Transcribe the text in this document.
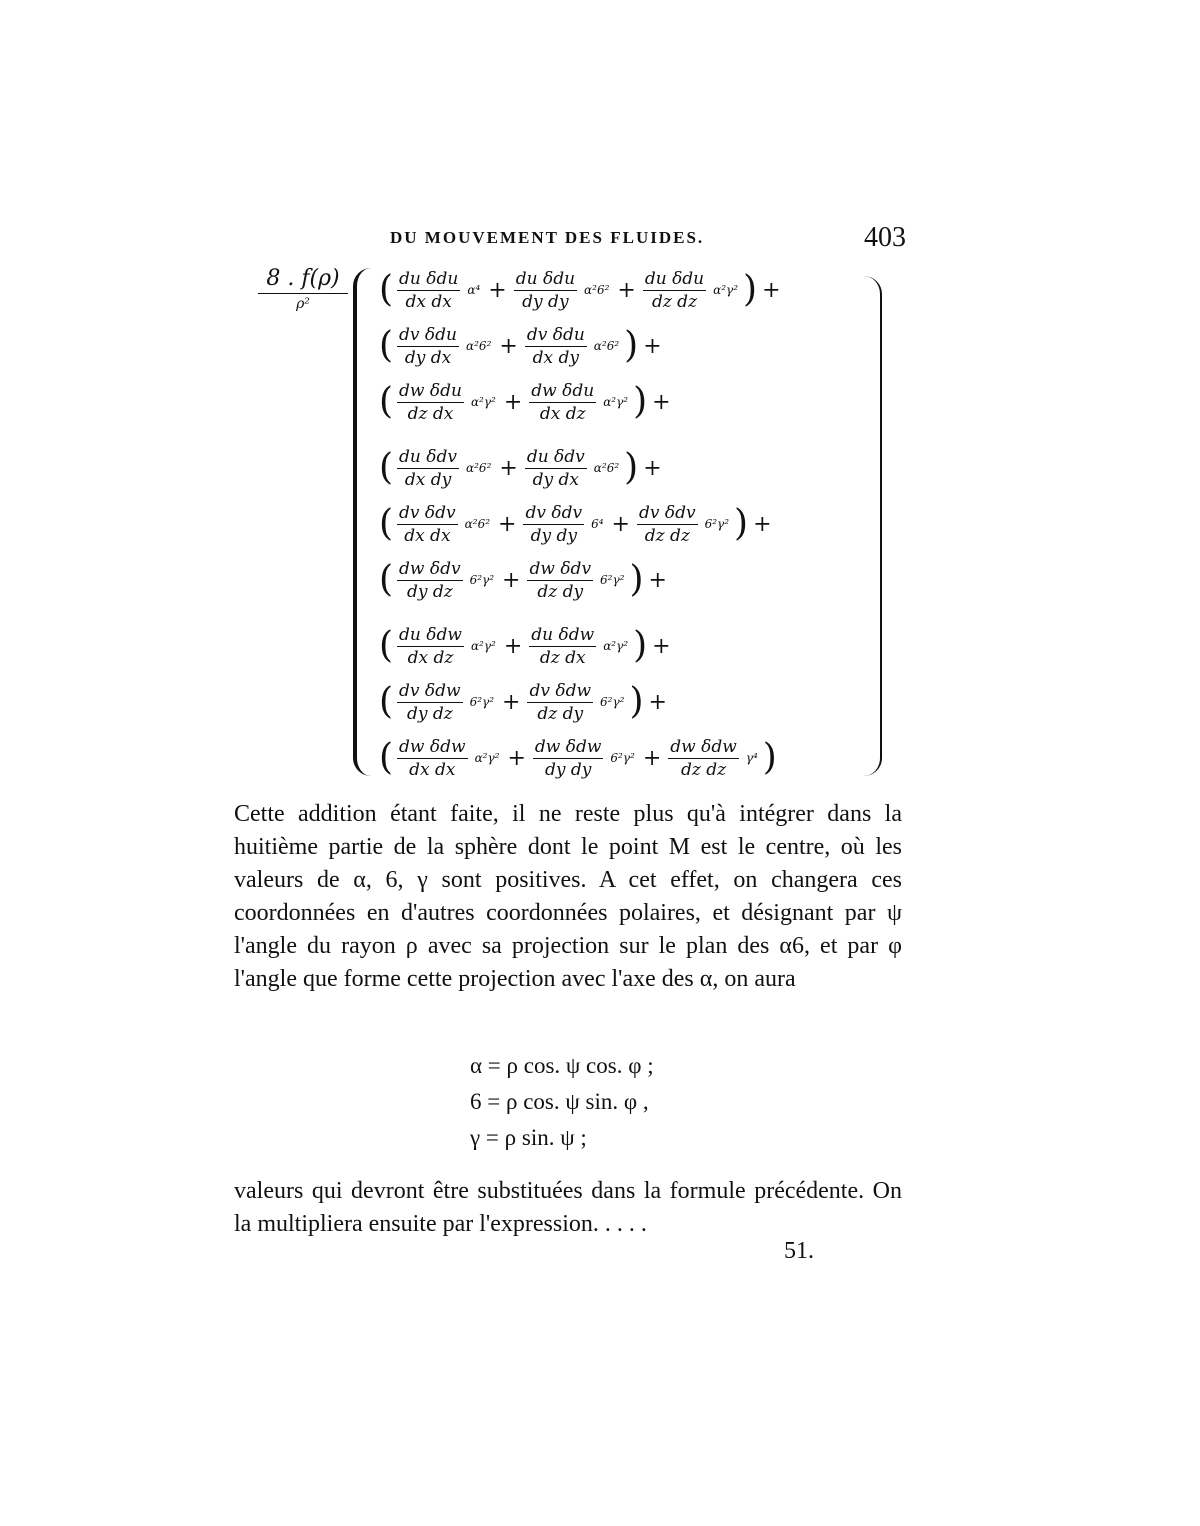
DU MOUVEMENT DES FLUIDES.	403
8 . f(ρ)
ρ²	( $\frac{\text{du δdu}}{\text{dx dx}} \alpha^4 + \frac{\text{du δdu}}{\text{dy dy}} \alpha^26^2 + \frac{\text{du δdu}}{\text{dz dz}} \alpha^2\gamma^2$ ) +
( $\frac{\text{dv δdu}}{\text{dy dx}} \alpha^26^2 + \frac{\text{dv δdu}}{\text{dx dy}} \alpha^26^2$ ) +
( $\frac{\text{dw δdu}}{\text{dz dx}} \alpha^2\gamma^2 + \frac{\text{dw δdu}}{\text{dx dz}} \alpha^2\gamma^2$ ) +
( $\frac{\text{du δdv}}{\text{dx dy}} \alpha^26^2 + \frac{\text{du δdv}}{\text{dy dx}} \alpha^26^2$ ) +
( $\frac{\text{dv δdv}}{\text{dx dx}} \alpha^26^2 + \frac{\text{dv δdv}}{\text{dy dy}} 6^4 + \frac{\text{dv δdv}}{\text{dz dz}} 6^2\gamma^2$ ) +
( $\frac{\text{dw δdv}}{\text{dy dz}} 6^2\gamma^2 + \frac{\text{dw δdv}}{\text{dz dy}} 6^2\gamma^2$ ) +
( $\frac{\text{du δdw}}{\text{dx dz}} \alpha^2\gamma^2 + \frac{\text{du δdw}}{\text{dz dx}} \alpha^2\gamma^2$ ) +
( $\frac{\text{dv δdw}}{\text{dy dz}} 6^2\gamma^2 + \frac{\text{dv δdw}}{\text{dz dy}} 6^2\gamma^2$ ) +
( $\frac{\text{dw δdw}}{\text{dx dx}} \alpha^2\gamma^2 + \frac{\text{dw δdw}}{\text{dy dy}} 6^2\gamma^2 + \frac{\text{dw δdw}}{\text{dz dz}} \gamma^4$ )
Cette addition étant faite, il ne reste plus qu'à intégrer dans la huitième partie de la sphère dont le point M est le centre, où les valeurs de α, 6, γ sont positives. A cet effet, on changera ces coordonnées en d'autres coordonnées polaires, et désignant par ψ l'angle du rayon ρ avec sa projection sur le plan des α6, et par φ l'angle que forme cette projection avec l'axe des α, on aura
α = ρ cos. ψ cos. φ ;
6 = ρ cos. ψ sin. φ ,
γ = ρ sin. ψ ;
valeurs qui devront être substituées dans la formule précédente. On la multipliera ensuite par l'expression. . . . .
51.
